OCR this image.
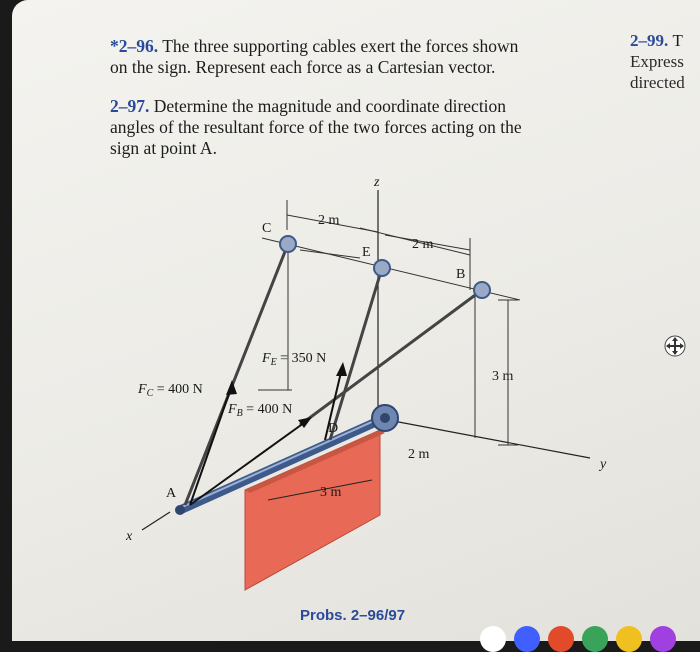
*2–96. The three supporting cables exert the forces shown
on the sign. Represent each force as a Cartesian vector.
2–97. Determine the magnitude and coordinate direction
angles of the resultant force of the two forces acting on the
sign at point A.
2–99. T
Express
directed
z
x
y
A
B
C
D
E
$F_C = 400$ N
$F_B = 400$ N
$F_E = 350$ N
2 m
2 m
3 m
2 m
3 m
Probs. 2–96/97
